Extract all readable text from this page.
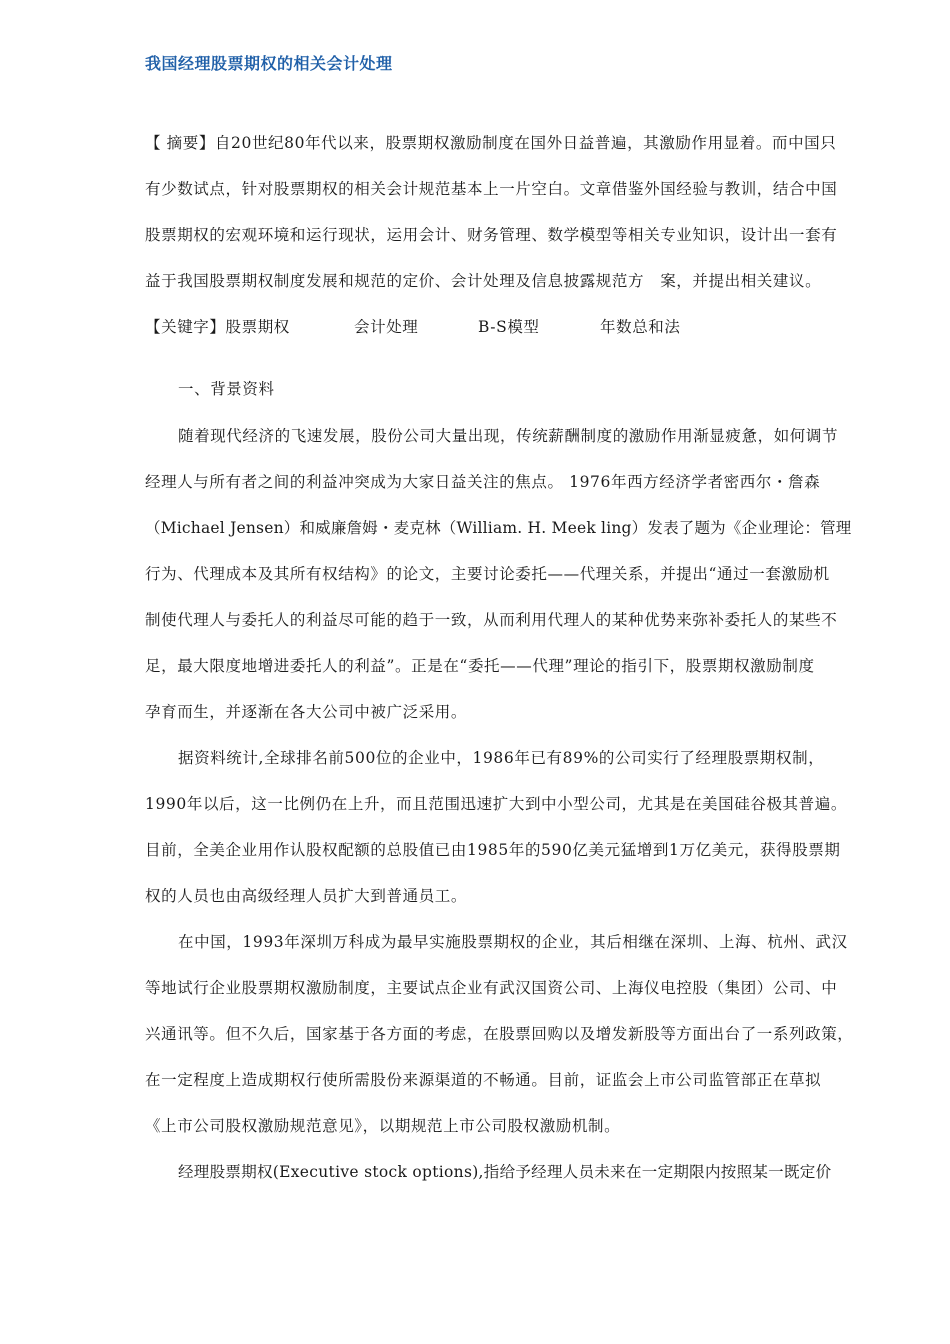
我国经理股票期权的相关会计处理
【 摘要】自20世纪80年代以来，股票期权激励制度在国外日益普遍，其激励作用显着。而中国只
有少数试点，针对股票期权的相关会计规范基本上一片空白。文章借鉴外国经验与教训，结合中国
股票期权的宏观环境和运行现状，运用会计、财务管理、数学模型等相关专业知识，设计出一套有
益于我国股票期权制度发展和规范的定价、会计处理及信息披露规范方　案，并提出相关建议。
【关键字】股票期权	会计处理	B-S模型	年数总和法
一、背景资料
随着现代经济的飞速发展，股份公司大量出现，传统薪酬制度的激励作用渐显疲惫，如何调节
经理人与所有者之间的利益冲突成为大家日益关注的焦点。 1976年西方经济学者密西尔・詹森
（Michael Jensen）和威廉詹姆・麦克林（William. H. Meek ling）发表了题为《企业理论：管理
行为、代理成本及其所有权结构》的论文，主要讨论委托——代理关系，并提出“通过一套激励机
制使代理人与委托人的利益尽可能的趋于一致，从而利用代理人的某种优势来弥补委托人的某些不
足，最大限度地增进委托人的利益”。正是在“委托——代理”理论的指引下，股票期权激励制度
孕育而生，并逐渐在各大公司中被广泛采用。
据资料统计,全球排名前500位的企业中，1986年已有89%的公司实行了经理股票期权制，
1990年以后，这一比例仍在上升，而且范围迅速扩大到中小型公司，尤其是在美国硅谷极其普遍。
目前，全美企业用作认股权配额的总股值已由1985年的590亿美元猛增到1万亿美元，获得股票期
权的人员也由高级经理人员扩大到普通员工。
在中国，1993年深圳万科成为最早实施股票期权的企业，其后相继在深圳、上海、杭州、武汉
等地试行企业股票期权激励制度，主要试点企业有武汉国资公司、上海仪电控股（集团）公司、中
兴通讯等。但不久后，国家基于各方面的考虑，在股票回购以及增发新股等方面出台了一系列政策，
在一定程度上造成期权行使所需股份来源渠道的不畅通。目前，证监会上市公司监管部正在草拟
《上市公司股权激励规范意见》，以期规范上市公司股权激励机制。
经理股票期权(Executive stock options),指给予经理人员未来在一定期限内按照某一既定价
